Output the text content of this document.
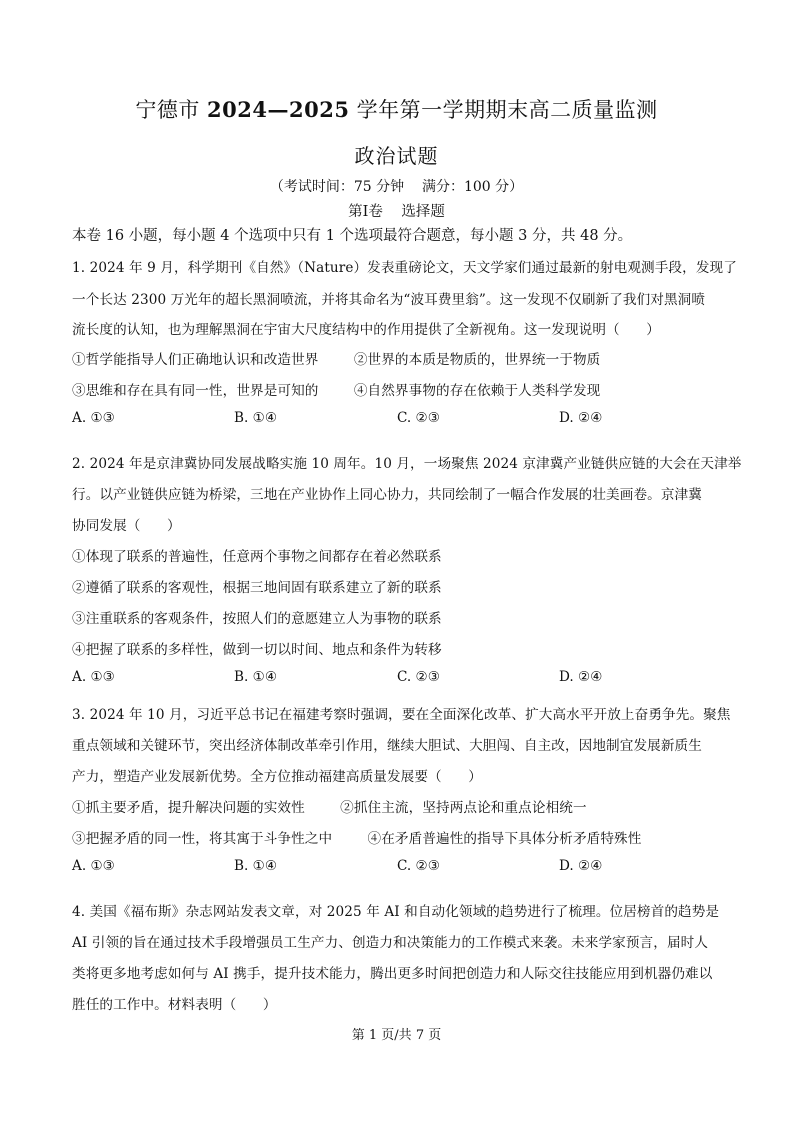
宁德市 2024—2025 学年第一学期期末高二质量监测
政治试题
（考试时间：75 分钟    满分：100 分）
第Ⅰ卷    选择题
本卷 16 小题，每小题 4 个选项中只有 1 个选项最符合题意，每小题 3 分，共 48 分。
1. 2024 年 9 月，科学期刊《自然》（Nature）发表重磅论文，天文学家们通过最新的射电观测手段，发现了
一个长达 2300 万光年的超长黑洞喷流，并将其命名为“波耳费里翁”。这一发现不仅刷新了我们对黑洞喷
流长度的认知，也为理解黑洞在宇宙大尺度结构中的作用提供了全新视角。这一发现说明（      ）
①哲学能指导人们正确地认识和改造世界        ②世界的本质是物质的，世界统一于物质
③思维和存在具有同一性，世界是可知的        ④自然界事物的存在依赖于人类科学发现
A. ①③	B. ①④	C. ②③	D. ②④
2. 2024 年是京津冀协同发展战略实施 10 周年。10 月，一场聚焦 2024 京津冀产业链供应链的大会在天津举
行。以产业链供应链为桥梁，三地在产业协作上同心协力，共同绘制了一幅合作发展的壮美画卷。京津冀
协同发展（      ）
①体现了联系的普遍性，任意两个事物之间都存在着必然联系
②遵循了联系的客观性，根据三地间固有联系建立了新的联系
③注重联系的客观条件，按照人们的意愿建立人为事物的联系
④把握了联系的多样性，做到一切以时间、地点和条件为转移
A. ①③	B. ①④	C. ②③	D. ②④
3. 2024 年 10 月，习近平总书记在福建考察时强调，要在全面深化改革、扩大高水平开放上奋勇争先。聚焦
重点领域和关键环节，突出经济体制改革牵引作用，继续大胆试、大胆闯、自主改，因地制宜发展新质生
产力，塑造产业发展新优势。全方位推动福建高质量发展要（      ）
①抓主要矛盾，提升解决问题的实效性        ②抓住主流，坚持两点论和重点论相统一
③把握矛盾的同一性，将其寓于斗争性之中        ④在矛盾普遍性的指导下具体分析矛盾特殊性
A. ①③	B. ①④	C. ②③	D. ②④
4. 美国《福布斯》杂志网站发表文章，对 2025 年 AI 和自动化领域的趋势进行了梳理。位居榜首的趋势是
AI 引领的旨在通过技术手段增强员工生产力、创造力和决策能力的工作模式来袭。未来学家预言，届时人
类将更多地考虑如何与 AI 携手，提升技术能力，腾出更多时间把创造力和人际交往技能应用到机器仍难以
胜任的工作中。材料表明（      ）
第 1 页/共 7 页
